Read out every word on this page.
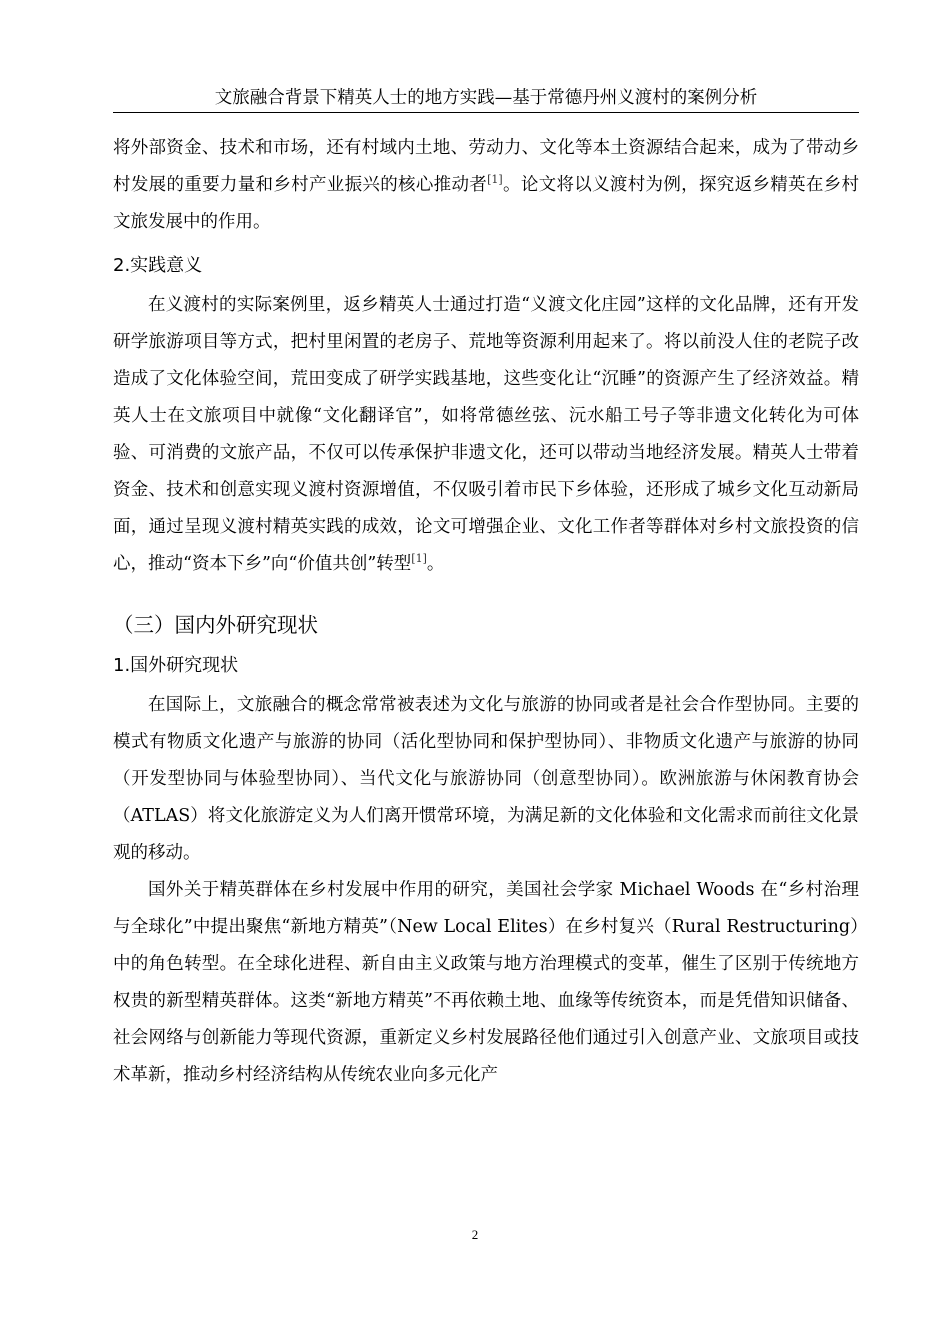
文旅融合背景下精英人士的地方实践—基于常德丹州义渡村的案例分析

将外部资金、技术和市场，还有村域内土地、劳动力、文化等本土资源结合起来，成为了带动乡村发展的重要力量和乡村产业振兴的核心推动者[1]。论文将以义渡村为例，探究返乡精英在乡村文旅发展中的作用。

2.实践意义

在义渡村的实际案例里，返乡精英人士通过打造“义渡文化庄园”这样的文化品牌，还有开发研学旅游项目等方式，把村里闲置的老房子、荒地等资源利用起来了。将以前没人住的老院子改造成了文化体验空间，荒田变成了研学实践基地，这些变化让“沉睡”的资源产生了经济效益。精英人士在文旅项目中就像“文化翻译官”，如将常德丝弦、沅水船工号子等非遗文化转化为可体验、可消费的文旅产品，不仅可以传承保护非遗文化，还可以带动当地经济发展。精英人士带着资金、技术和创意实现义渡村资源增值，不仅吸引着市民下乡体验，还形成了城乡文化互动新局面，通过呈现义渡村精英实践的成效，论文可增强企业、文化工作者等群体对乡村文旅投资的信心，推动“资本下乡”向“价值共创”转型[1]。

（三）国内外研究现状
1.国外研究现状

在国际上，文旅融合的概念常常被表述为文化与旅游的协同或者是社会合作型协同。主要的模式有物质文化遗产与旅游的协同（活化型协同和保护型协同）、非物质文化遗产与旅游的协同（开发型协同与体验型协同）、当代文化与旅游协同（创意型协同）。欧洲旅游与休闲教育协会（ATLAS）将文化旅游定义为人们离开惯常环境，为满足新的文化体验和文化需求而前往文化景观的移动。

国外关于精英群体在乡村发展中作用的研究，美国社会学家 Michael Woods 在“乡村治理与全球化”中提出聚焦“新地方精英”（New Local Elites）在乡村复兴（Rural Restructuring）中的角色转型。在全球化进程、新自由主义政策与地方治理模式的变革，催生了区别于传统地方权贵的新型精英群体。这类“新地方精英”不再依赖土地、血缘等传统资本，而是凭借知识储备、社会网络与创新能力等现代资源，重新定义乡村发展路径他们通过引入创意产业、文旅项目或技术革新，推动乡村经济结构从传统农业向多元化产

2
